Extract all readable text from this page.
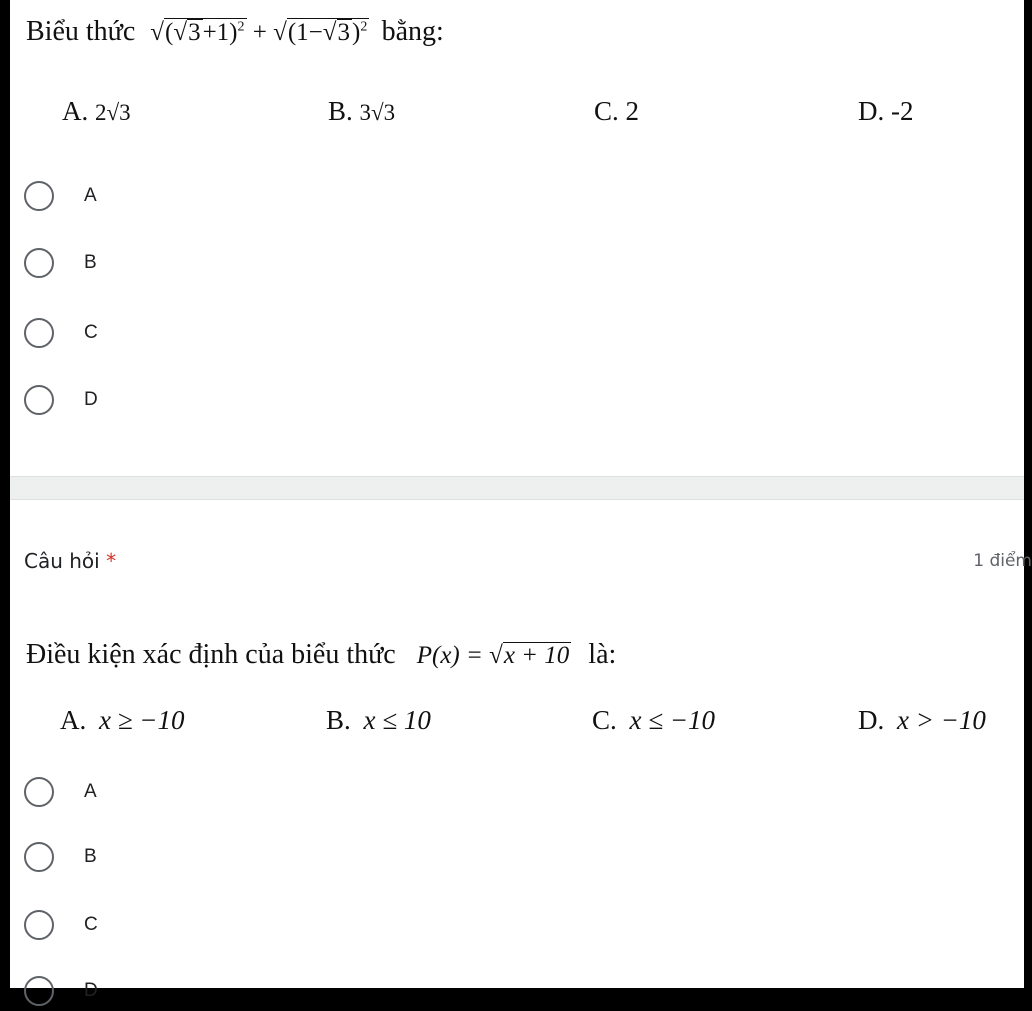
Biểu thức $√(√3+1)^2 + √(1-√3)^2$ bằng:
A. 2√3	B. 3√3	C. 2	D. -2
A
B
C
D
Câu hỏi *	1 điểm
Điều kiện xác định của biểu thức P(x) = √x + 10 là:
A. x ≥ −10	B. x ≤ 10	C. x ≤ −10	D. x > −10
A
B
C
D
